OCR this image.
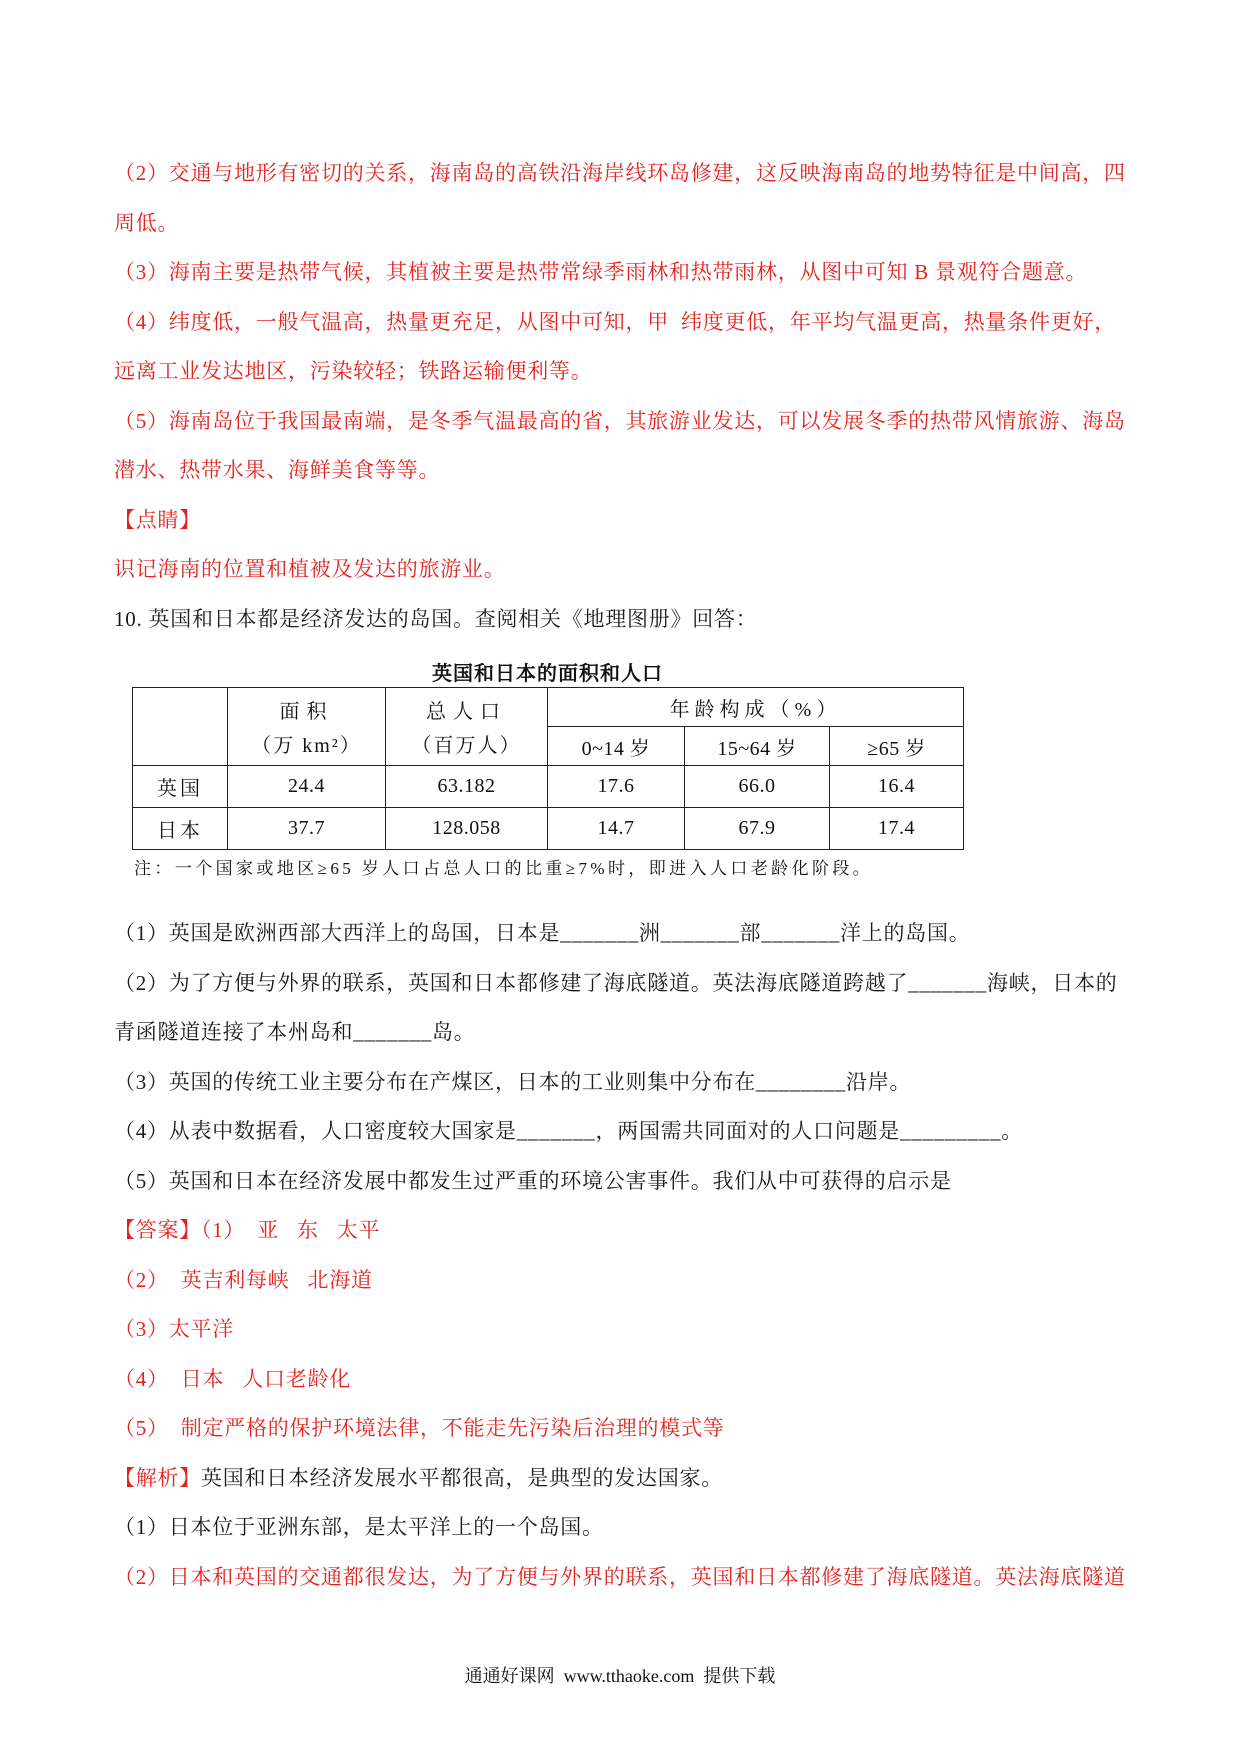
（2）交通与地形有密切的关系，海南岛的高铁沿海岸线环岛修建，这反映海南岛的地势特征是中间高，四
周低。
（3）海南主要是热带气候，其植被主要是热带常绿季雨林和热带雨林，从图中可知 B 景观符合题意。
（4）纬度低，一般气温高，热量更充足，从图中可知，甲  纬度更低，年平均气温更高，热量条件更好，
远离工业发达地区，污染较轻；铁路运输便利等。
（5）海南岛位于我国最南端，是冬季气温最高的省，其旅游业发达，可以发展冬季的热带风情旅游、海岛
潜水、热带水果、海鲜美食等等。
【点睛】
识记海南的位置和植被及发达的旅游业。
10. 英国和日本都是经济发达的岛国。查阅相关《地理图册》回答：
英国和日本的面积和人口

	面积
（万 km²）	总人口
（百万人）	年龄构成（%）		
			0~14 岁	15~64 岁	≥65 岁
英国	24.4	63.182	17.6	66.0	16.4
日本	37.7	128.058	14.7	67.9	17.4
注：一个国家或地区≥65 岁人口占总人口的比重≥7%时，即进入人口老龄化阶段。
（1）英国是欧洲西部大西洋上的岛国，日本是_______洲_______部_______洋上的岛国。
（2）为了方便与外界的联系，英国和日本都修建了海底隧道。英法海底隧道跨越了_______海峡，日本的
青函隧道连接了本州岛和_______岛。
（3）英国的传统工业主要分布在产煤区，日本的工业则集中分布在________沿岸。
（4）从表中数据看，人口密度较大国家是_______，两国需共同面对的人口问题是_________。
（5）英国和日本在经济发展中都发生过严重的环境公害事件。我们从中可获得的启示是
【答案】（1）  亚   东   太平
（2）  英吉利每峡   北海道
（3）太平洋
（4）  日本   人口老龄化
（5）  制定严格的保护环境法律，不能走先污染后治理的模式等
【解析】英国和日本经济发展水平都很高，是典型的发达国家。
（1）日本位于亚洲东部，是太平洋上的一个岛国。
（2）日本和英国的交通都很发达，为了方便与外界的联系，英国和日本都修建了海底隧道。英法海底隧道
通通好课网  www.tthaoke.com  提供下载
